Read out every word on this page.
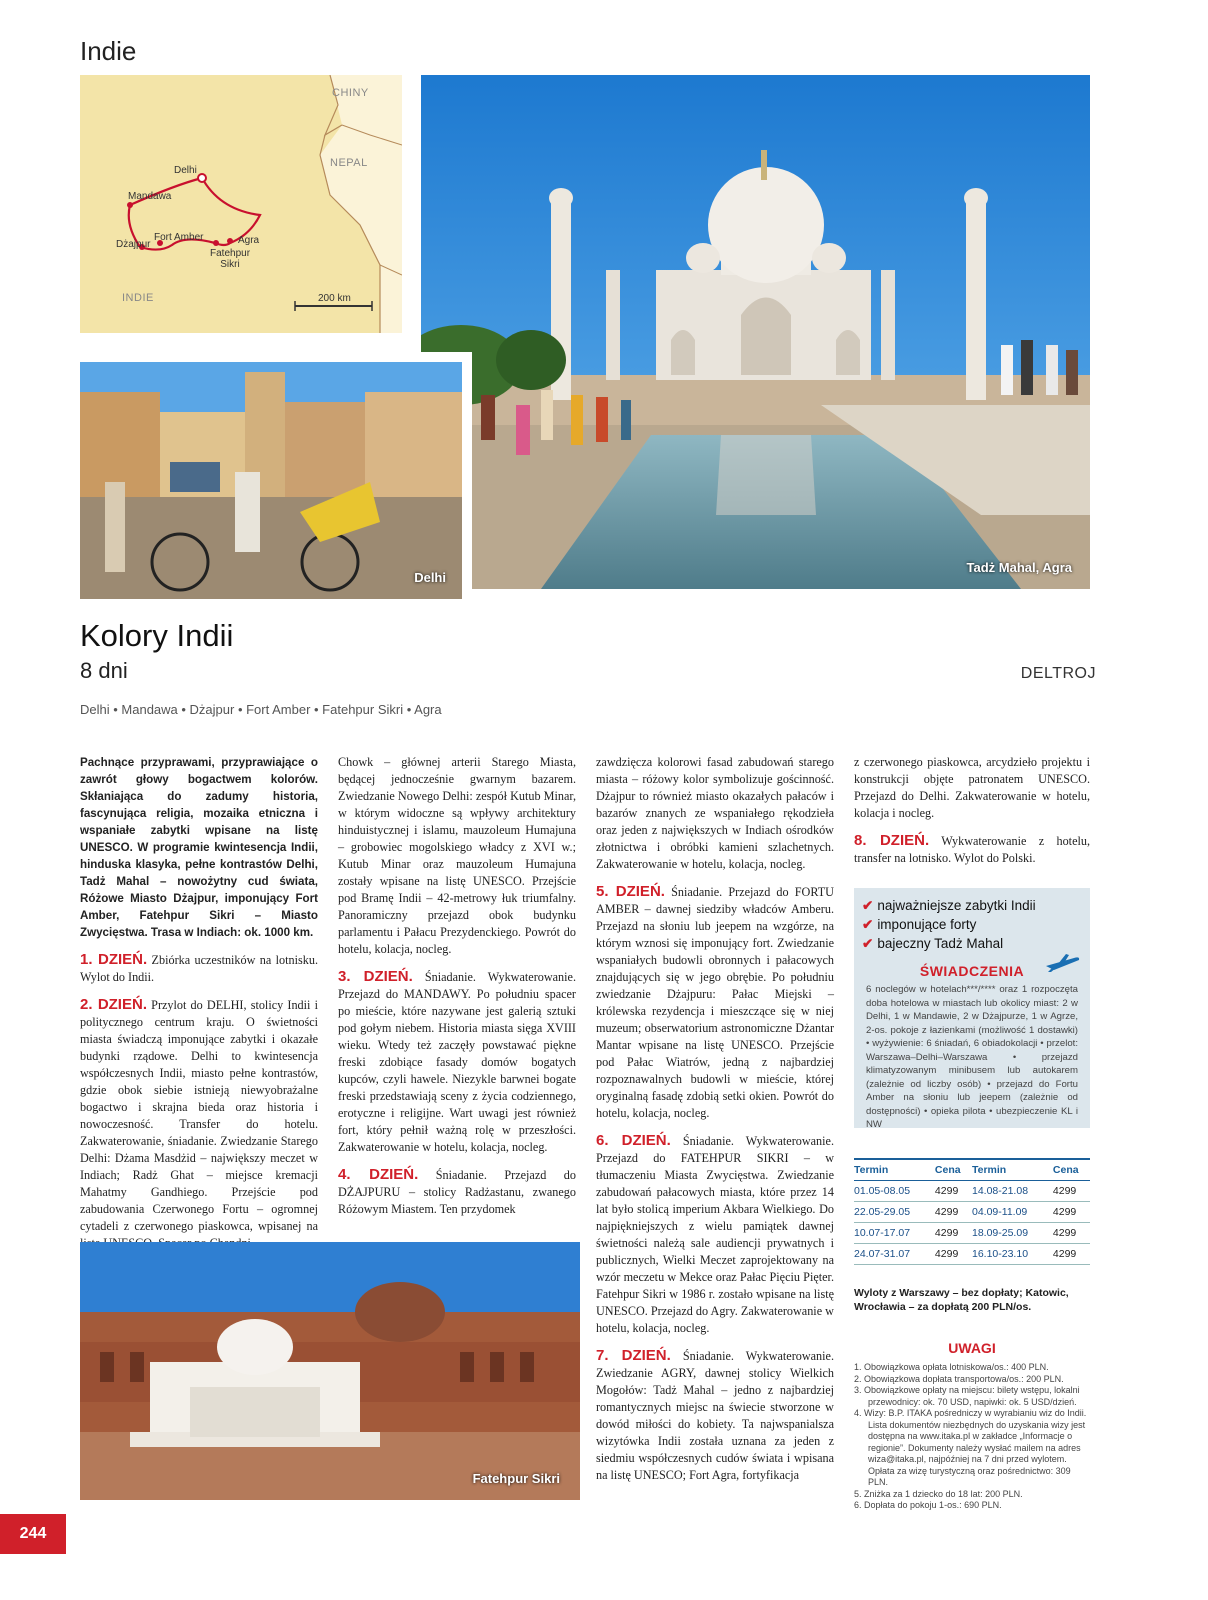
Indie
CHINY
NEPAL
INDIE
Delhi
Mandawa
Dżajpur
Fort Amber	Agra
Fatehpur Sikri
200 km
Tadż Mahal, Agra
Delhi
Kolory Indii
8 dni	DELTROJ
Delhi • Mandawa • Dżajpur • Fort Amber • Fatehpur Sikri • Agra

Pachnące przyprawami, przyprawiające o zawrót głowy bogactwem kolorów. Skłaniająca do zadumy historia, fascynująca religia, mozaika etniczna i wspaniałe zabytki wpisane na listę UNESCO. W programie kwintesencja Indii, hinduska klasyka, pełne kontrastów Delhi, Tadż Mahal – nowożytny cud świata, Różowe Miasto Dżajpur, imponujący Fort Amber, Fatehpur Sikri – Miasto Zwycięstwa. Trasa w Indiach: ok. 1000 km.

1. DZIEŃ. Zbiórka uczestników na lotnisku. Wylot do Indii.

2. DZIEŃ. Przylot do DELHI, stolicy Indii i politycznego centrum kraju. O świetności miasta świadczą imponujące zabytki i okazałe budynki rządowe. Delhi to kwintesencja współczesnych Indii, miasto pełne kontrastów, gdzie obok siebie istnieją niewyobrażalne bogactwo i skrajna bieda oraz historia i nowoczesność. Transfer do hotelu. Zakwaterowanie, śniadanie. Zwiedzanie Starego Delhi: Dżama Masdżid – największy meczet w Indiach; Radż Ghat – miejsce kremacji Mahatmy Gandhiego. Przejście pod zabudowania Czerwonego Fortu – ogromnej cytadeli z czerwonego piaskowca, wpisanej na

Chowk – głównej arterii Starego Miasta, będącej jednocześnie gwarnym bazarem. Zwiedzanie Nowego Delhi: zespół Kutub Minar, w którym widoczne są wpływy architektury hinduistycznej i islamu, mauzoleum Humajuna – grobowiec mogolskiego władcy z XVI w.; Kutub Minar oraz mauzoleum Humajuna zostały wpisane na listę UNESCO. Przejście pod Bramę Indii – 42-metrowy łuk triumfalny. Panoramiczny przejazd obok budynku parlamentu i Pałacu Prezydenckiego. Powrót do hotelu, kolacja, nocleg.

3. DZIEŃ. Śniadanie. Wykwaterowanie. Przejazd do MANDAWY. Po południu spacer po mieście, które nazywane jest galerią sztuki pod gołym niebem. Historia miasta sięga XVIII wieku. Wtedy też zaczęły powstawać piękne freski zdobiące fasady domów bogatych kupców, czyli hawele. Niezykle barwnei bogate freski przedstawiają sceny z życia codziennego, erotyczne i religijne. Wart uwagi jest również fort, który pełnił ważną rolę w przeszłości. Zakwaterowanie w hotelu, kolacja, nocleg.

4. DZIEŃ. Śniadanie. Przejazd do DŻAJPURU – stolicy Radżastanu, zwanego Różowym Miastem. Ten przydomek

Fatehpur Sikri

zawdzięcza kolorowi fasad zabudowań starego miasta – różowy kolor symbolizuje gościnność. Dżajpur to również miasto okazałych pałaców i bazarów znanych ze wspaniałego rękodzieła oraz jeden z największych w Indiach ośrodków złotnictwa i obróbki kamieni szlachetnych. Zakwaterowanie w hotelu, kolacja, nocleg.

5. DZIEŃ. Śniadanie. Przejazd do FORTU AMBER – dawnej siedziby władców Amberu. Przejazd na słoniu lub jeepem na wzgórze, na którym wznosi się imponujący fort. Zwiedzanie wspaniałych budowli obronnych i pałacowych znajdujących się w jego obrębie. Po południu zwiedzanie Dżajpuru: Pałac Miejski – królewska rezydencja i mieszczące się w niej muzeum; obserwatorium astronomiczne Dżantar Mantar wpisane na listę UNESCO. Przejście pod Pałac Wiatrów, jedną z najbardziej rozpoznawalnych budowli w mieście, której oryginalną fasadę zdobią setki okien. Powrót do hotelu, kolacja, nocleg.

6. DZIEŃ. Śniadanie. Wykwaterowanie. Przejazd do FATEHPUR SIKRI – w tłumaczeniu Miasta Zwycięstwa. Zwiedzanie zabudowań pałacowych miasta, które przez 14 lat było stolicą imperium Akbara Wielkiego. Do najpiękniejszych z wielu pamiątek dawnej świetności należą sale audiencji prywatnych i publicznych, Wielki Meczet zaprojektowany na wzór meczetu w Mekce oraz Pałac Pięciu Pięter. Fatehpur Sikri w 1986 r. zostało wpisane na listę UNESCO. Przejazd do Agry. Zakwaterowanie w hotelu, kolacja, nocleg.

7. DZIEŃ. Śniadanie. Wykwaterowanie. Zwiedzanie AGRY, dawnej stolicy Wielkich Mogołów: Tadż Mahal – jedno z najbardziej romantycznych miejsc na świecie stworzone w dowód miłości do kobiety. Ta najwspanialsza wizytówka Indii została uznana za jeden z siedmiu współczesnych cudów świata i wpisana na listę UNESCO; Fort Agra, fortyfikacja

z czerwonego piaskowca, arcydzieło projektu i konstrukcji objęte patronatem UNESCO. Przejazd do Delhi. Zakwaterowanie w hotelu, kolacja i nocleg.

8. DZIEŃ. Wykwaterowanie z hotelu, transfer na lotnisko. Wylot do Polski.

✔ najważniejsze zabytki Indii
✔ imponujące forty
✔ bajeczny Tadż Mahal
ŚWIADCZENIA
6 noclegów w hotelach***/**** oraz 1 rozpoczęta doba hotelowa w miastach lub okolicy miast: 2 w Delhi, 1 w Mandawie, 2 w Dżajpurze, 1 w Agrze, 2-os. pokoje z łazienkami (możliwość 1 dostawki) • wyżywienie: 6 śniadań, 6 obiadokolacji • przelot: Warszawa–Delhi–Warszawa • przejazd klimatyzowanym minibusem lub autokarem (zależnie od liczby osób) • przejazd do Fortu Amber na słoniu lub jeepem (zależnie od dostępności) • opieka pilota • ubezpieczenie KL i NW
Termin	Cena	Termin	Cena
01.05-08.05	4299	14.08-21.08	4299
22.05-29.05	4299	04.09-11.09	4299
10.07-17.07	4299	18.09-25.09	4299
24.07-31.07	4299	16.10-23.10	4299
Wyloty z Warszawy – bez dopłaty; Katowic, Wrocławia – za dopłatą 200 PLN/os.
UWAGI
1. Obowiązkowa opłata lotniskowa/os.: 400 PLN.
2. Obowiązkowa dopłata transportowa/os.: 200 PLN.
3. Obowiązkowe opłaty na miejscu: bilety wstępu, lokalni przewodnicy: ok. 70 USD, napiwki: ok. 5 USD/dzień.
4. Wizy: B.P. ITAKA pośredniczy w wyrabianiu wiz do Indii. Lista dokumentów niezbędnych do uzyskania wizy jest dostępna na www.itaka.pl w zakładce „Informacje o regionie”. Dokumenty należy wysłać mailem na adres wiza@itaka.pl, najpóźniej na 7 dni przed wylotem. Opłata za wizę turystyczną oraz pośrednictwo: 309 PLN.
5. Zniżka za 1 dziecko do 18 lat: 200 PLN.
6. Dopłata do pokoju 1-os.: 690 PLN.
244
